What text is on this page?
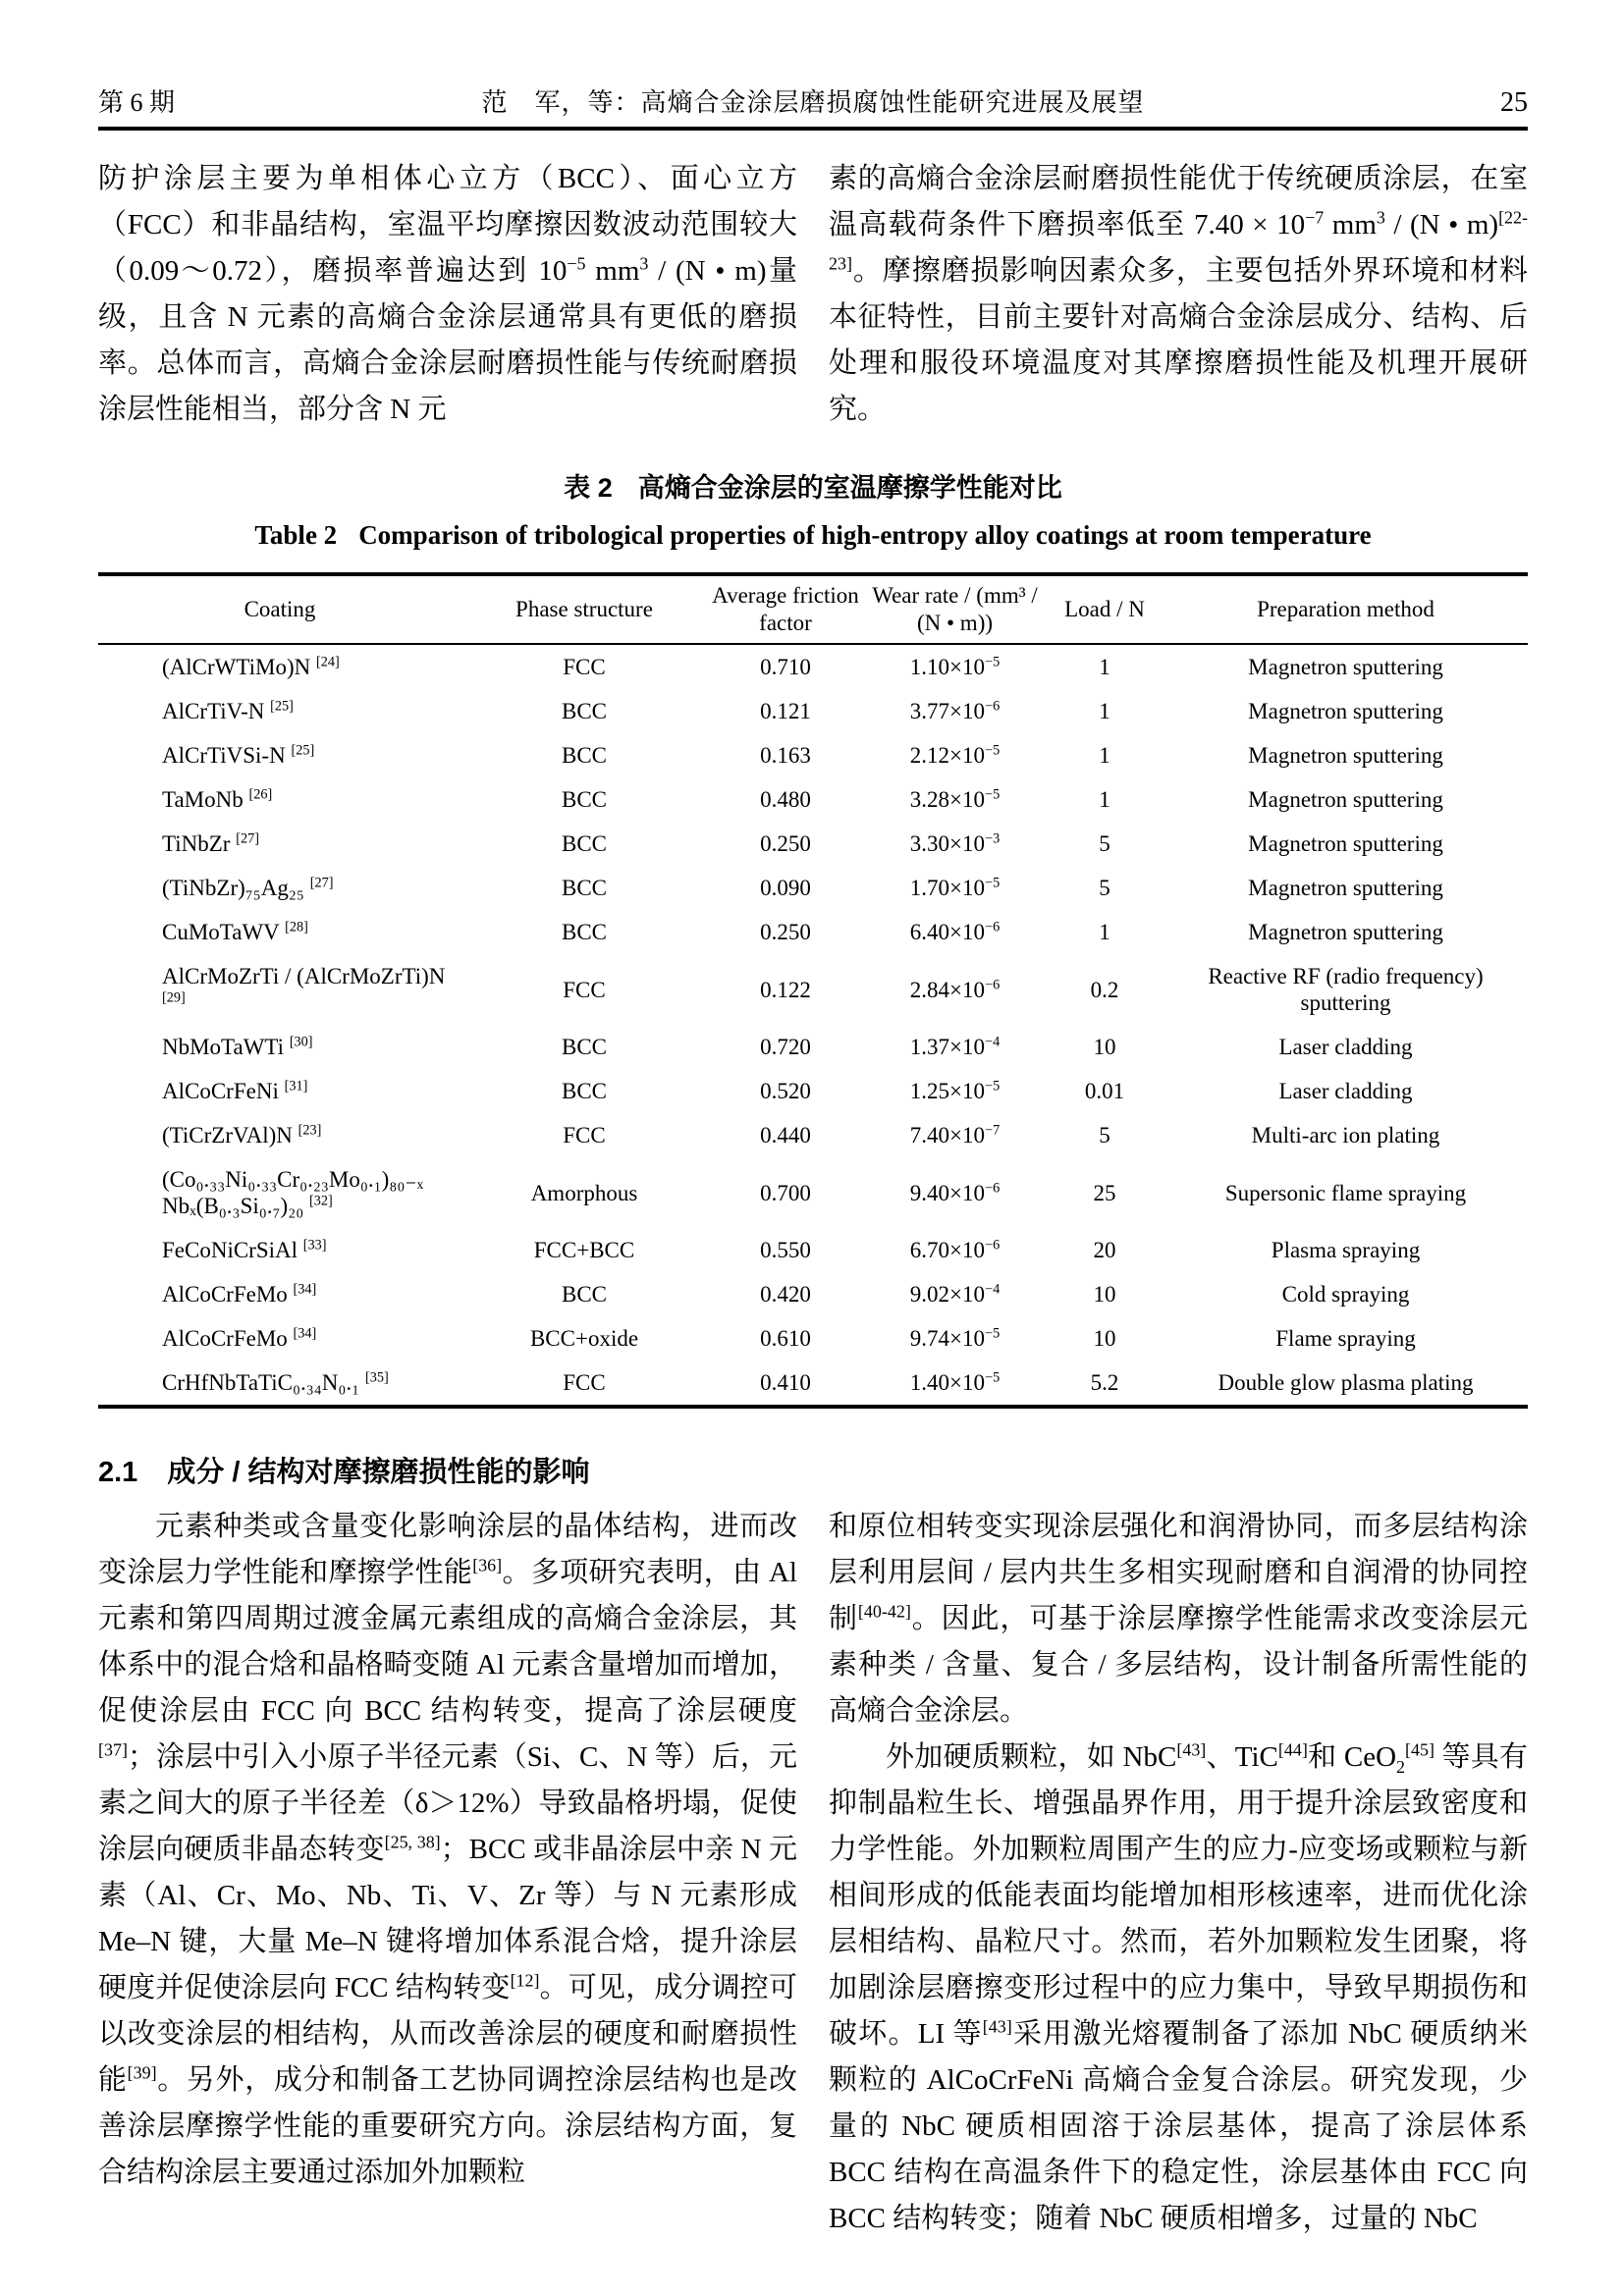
第 6 期	范　军，等：高熵合金涂层磨损腐蚀性能研究进展及展望	25
防护涂层主要为单相体心立方（BCC）、面心立方（FCC）和非晶结构，室温平均摩擦因数波动范围较大（0.09～0.72），磨损率普遍达到 $10^{-5}$ $mm^3 / (N$ • m)量级，且含 N 元素的高熵合金涂层通常具有更低的磨损率。总体而言，高熵合金涂层耐磨损性能与传统耐磨损涂层性能相当，部分含 N 元
素的高熵合金涂层耐磨损性能优于传统硬质涂层，在室温高载荷条件下磨损率低至 $7.40 \times 10^{-7}$ $mm^3 / (N$ • m)[22-23]。摩擦磨损影响因素众多，主要包括外界环境和材料本征特性，目前主要针对高熵合金涂层成分、结构、后处理和服役环境温度对其摩擦磨损性能及机理开展研究。
表 2 高熵合金涂层的室温摩擦学性能对比
Table 2 Comparison of tribological properties of high-entropy alloy coatings at room temperature
Coating	Phase structure	Average friction factor	Wear rate / (mm³ / (N • m))	Load / N	Preparation method
(AlCrWTiMo)N [24]	FCC	0.710	$1.10\times 10^{-5}$	1	Magnetron sputtering
AlCrTiV-N [25]	BCC	0.121	$3.77\times 10^{-6}$	1	Magnetron sputtering
AlCrTiVSi-N [25]	BCC	0.163	$2.12\times 10^{-5}$	1	Magnetron sputtering
TaMoNb [26]	BCC	0.480	$3.28\times 10^{-5}$	1	Magnetron sputtering
TiNbZr [27]	BCC	0.250	$3.30\times 10^{-3}$	5	Magnetron sputtering
(TiNbZr)₇₅Ag₂₅ [27]	BCC	0.090	$1.70\times 10^{-5}$	5	Magnetron sputtering
CuMoTaWV [28]	BCC	0.250	$6.40\times 10^{-6}$	1	Magnetron sputtering
AlCrMoZrTi / (AlCrMoZrTi)N [29]	FCC	0.122	$2.84\times 10^{-6}$	0.2	Reactive RF (radio frequency) sputtering
NbMoTaWTi [30]	BCC	0.720	$1.37\times 10^{-4}$	10	Laser cladding
AlCoCrFeNi [31]	BCC	0.520	$1.25\times 10^{-5}$	0.01	Laser cladding
(TiCrZrVAl)N [23]	FCC	0.440	$7.40\times 10^{-7}$	5	Multi-arc ion plating
(Co₀.₃₃Ni₀.₃₃Cr₀.₂₃Mo₀.₁)₈₀₋ₓ​Nbₓ(B₀.₃Si₀.₇)₂₀ [32]	Amorphous	0.700	$9.40\times 10^{-6}$	25	Supersonic flame spraying
FeCoNiCrSiAl [33]	FCC+BCC	0.550	$6.70\times 10^{-6}$	20	Plasma spraying
AlCoCrFeMo [34]	BCC	0.420	$9.02\times 10^{-4}$	10	Cold spraying
AlCoCrFeMo [34]	BCC+oxide	0.610	$9.74\times 10^{-5}$	10	Flame spraying
CrHfNbTaTiC₀.₃₄N₀.₁ [35]	FCC	0.410	$1.40\times 10^{-5}$	5.2	Double glow plasma plating
2.1 成分 / 结构对摩擦磨损性能的影响
元素种类或含量变化影响涂层的晶体结构，进而改变涂层力学性能和摩擦学性能[36]。多项研究表明，由 Al 元素和第四周期过渡金属元素组成的高熵合金涂层，其体系中的混合焓和晶格畸变随 Al 元素含量增加而增加，促使涂层由 FCC 向 BCC 结构转变，提高了涂层硬度[37]；涂层中引入小原子半径元素（Si、C、N 等）后，元素之间大的原子半径差（δ＞12%）导致晶格坍塌，促使涂层向硬质非晶态转变[25, 38]；BCC 或非晶涂层中亲 N 元素（Al、Cr、Mo、Nb、Ti、V、Zr 等）与 N 元素形成 Me–N 键，大量 Me–N 键将增加体系混合焓，提升涂层硬度并促使涂层向 FCC 结构转变[12]。可见，成分调控可以改变涂层的相结构，从而改善涂层的硬度和耐磨损性能[39]。另外，成分和制备工艺协同调控涂层结构也是改善涂层摩擦学性能的重要研究方向。涂层结构方面，复合结构涂层主要通过添加外加颗粒
和原位相转变实现涂层强化和润滑协同，而多层结构涂层利用层间 / 层内共生多相实现耐磨和自润滑的协同控制[40-42]。因此，可基于涂层摩擦学性能需求改变涂层元素种类 / 含量、复合 / 多层结构，设计制备所需性能的高熵合金涂层。
外加硬质颗粒，如 NbC[43]、TiC[44]和 CeO$_2$[45] 等具有抑制晶粒生长、增强晶界作用，用于提升涂层致密度和力学性能。外加颗粒周围产生的应力-应变场或颗粒与新相间形成的低能表面均能增加相形核速率，进而优化涂层相结构、晶粒尺寸。然而，若外加颗粒发生团聚，将加剧涂层磨擦变形过程中的应力集中，导致早期损伤和破坏。LI 等[43]采用激光熔覆制备了添加 NbC 硬质纳米颗粒的 AlCoCrFeNi 高熵合金复合涂层。研究发现，少量的 NbC 硬质相固溶于涂层基体，提高了涂层体系 BCC 结构在高温条件下的稳定性，涂层基体由 FCC 向 BCC 结构转变；随着 NbC 硬质相增多，过量的 NbC
